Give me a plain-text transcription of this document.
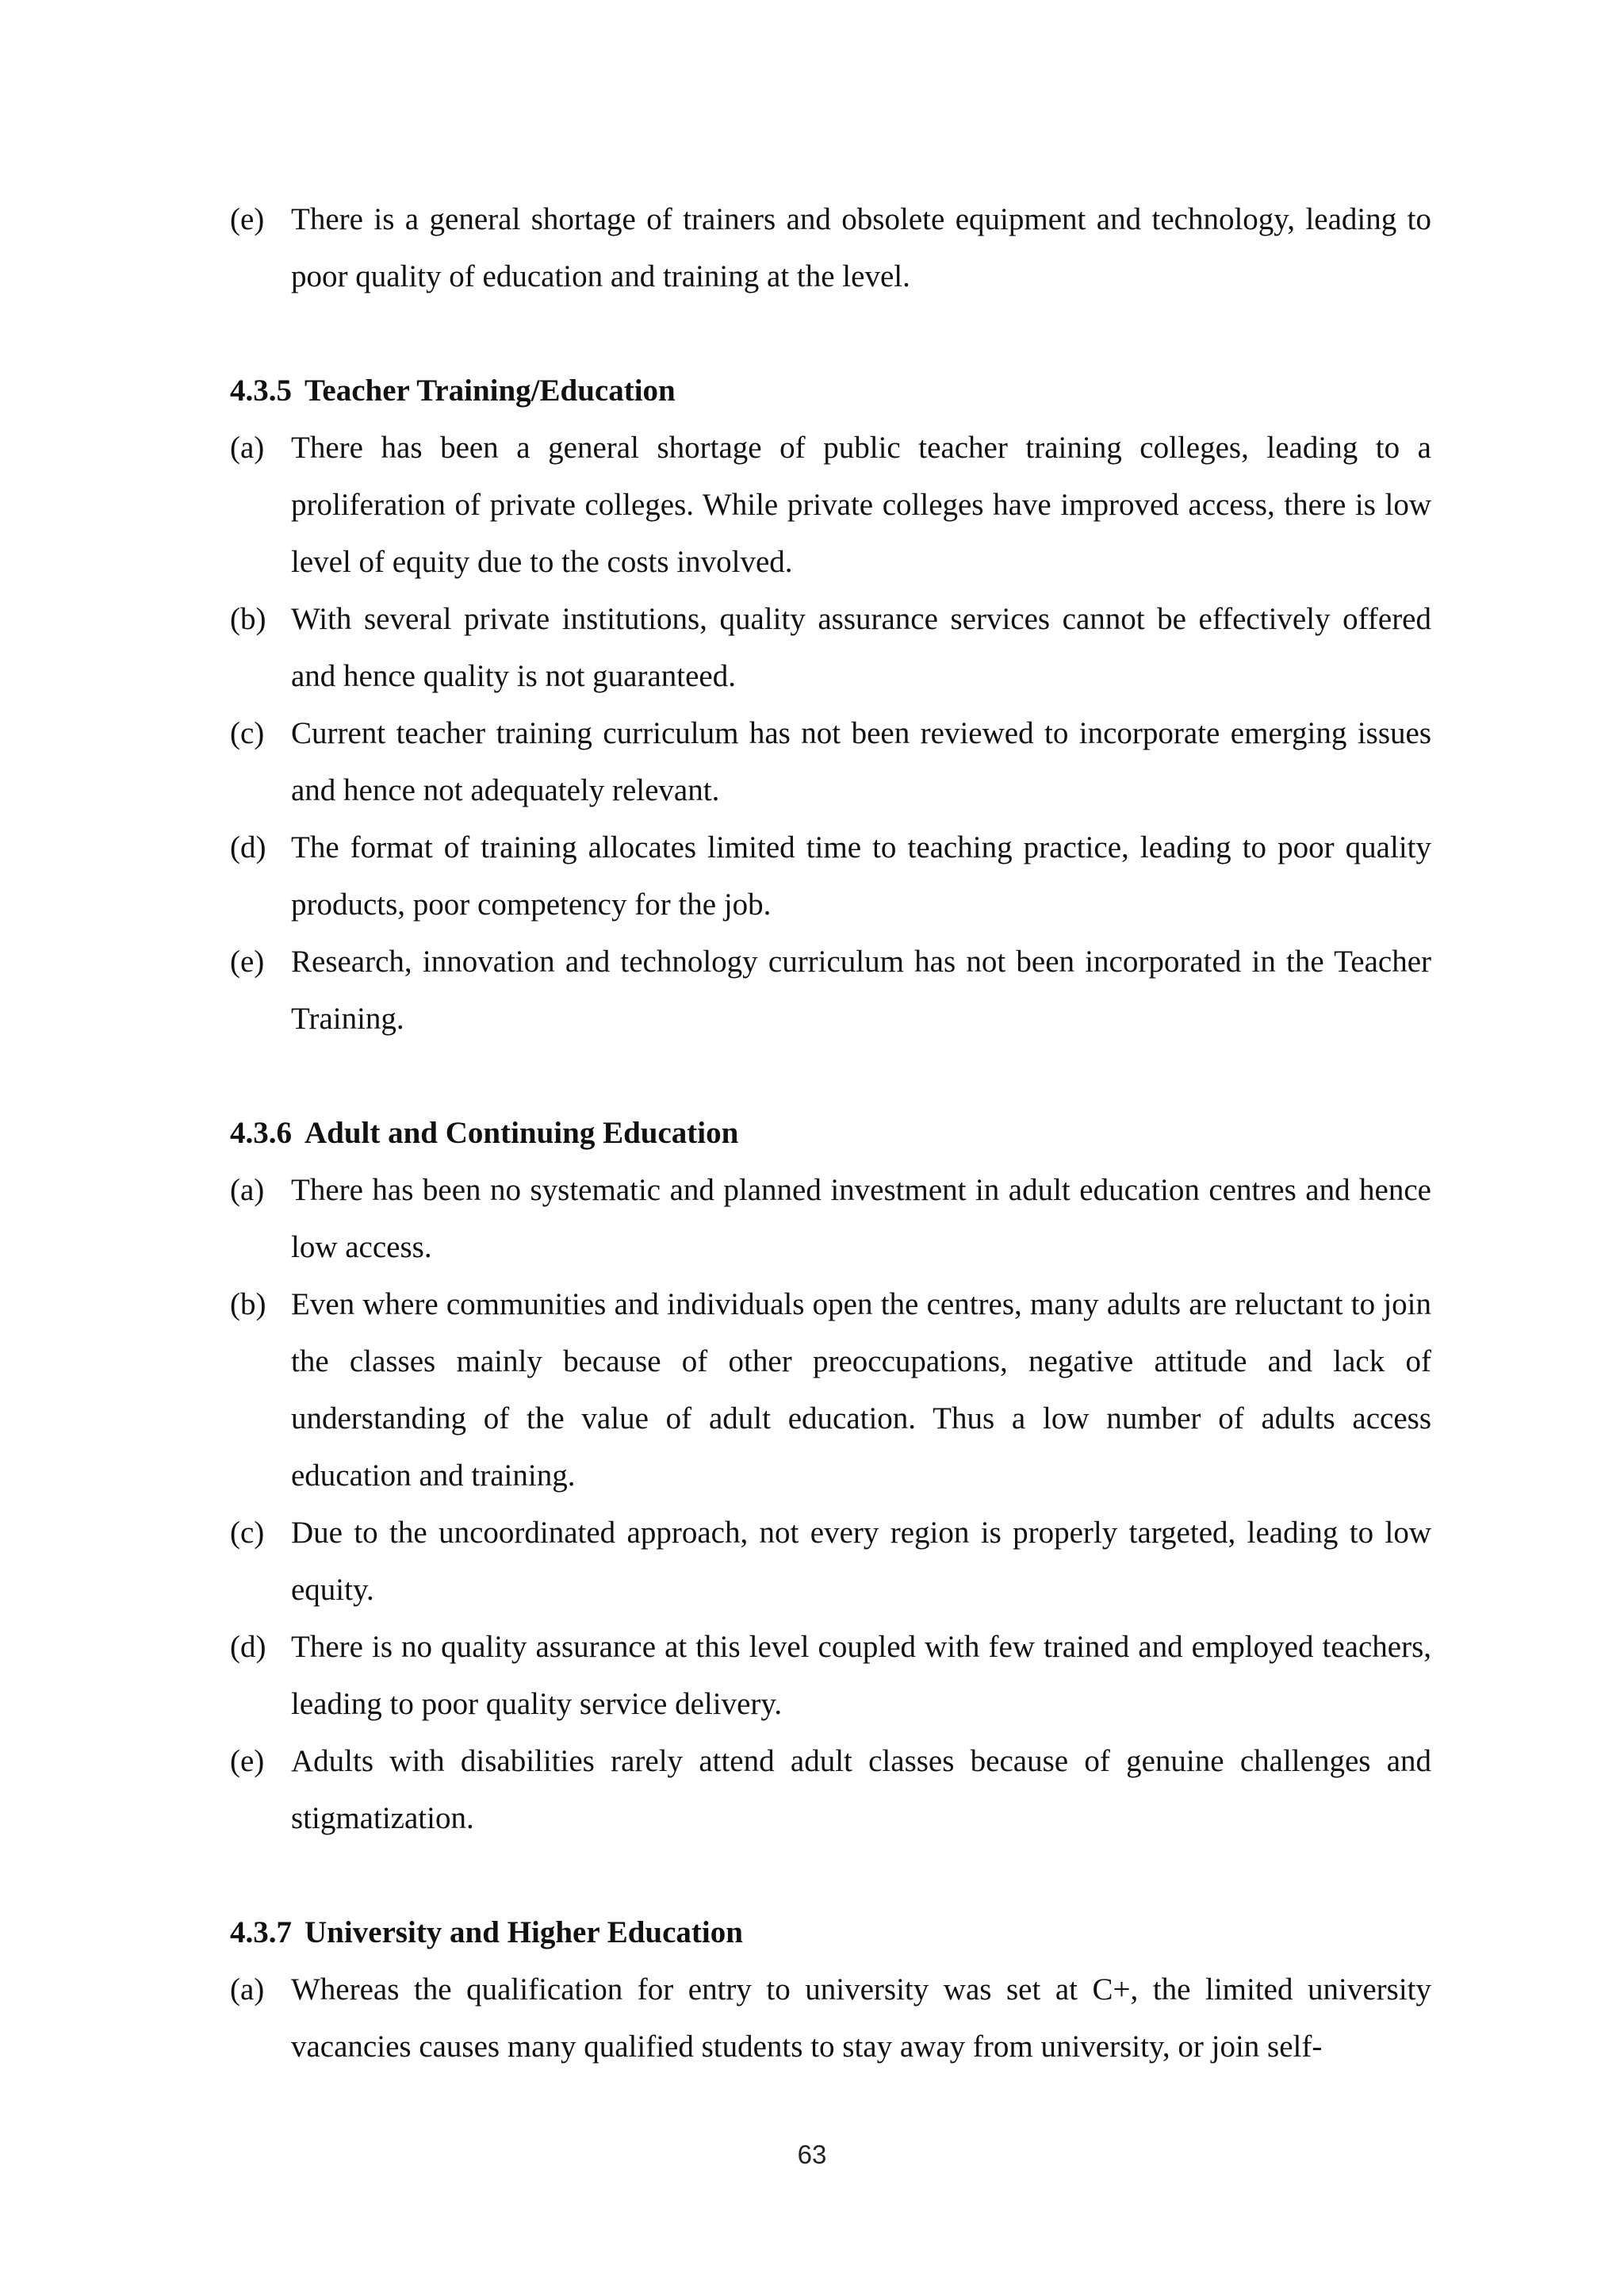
(e) There is a general shortage of trainers and obsolete equipment and technology, leading to poor quality of education and training at the level.
4.3.5 Teacher Training/Education
(a) There has been a general shortage of public teacher training colleges, leading to a proliferation of private colleges. While private colleges have improved access, there is low level of equity due to the costs involved.
(b) With several private institutions, quality assurance services cannot be effectively offered and hence quality is not guaranteed.
(c) Current teacher training curriculum has not been reviewed to incorporate emerging issues and hence not adequately relevant.
(d) The format of training allocates limited time to teaching practice, leading to poor quality products, poor competency for the job.
(e) Research, innovation and technology curriculum has not been incorporated in the Teacher Training.
4.3.6 Adult and Continuing Education
(a) There has been no systematic and planned investment in adult education centres and hence low access.
(b) Even where communities and individuals open the centres, many adults are reluctant to join the classes mainly because of other preoccupations, negative attitude and lack of understanding of the value of adult education. Thus a low number of adults access education and training.
(c) Due to the uncoordinated approach, not every region is properly targeted, leading to low equity.
(d) There is no quality assurance at this level coupled with few trained and employed teachers, leading to poor quality service delivery.
(e) Adults with disabilities rarely attend adult classes because of genuine challenges and stigmatization.
4.3.7 University and Higher Education
(a) Whereas the qualification for entry to university was set at C+, the limited university vacancies causes many qualified students to stay away from university, or join self-
63
